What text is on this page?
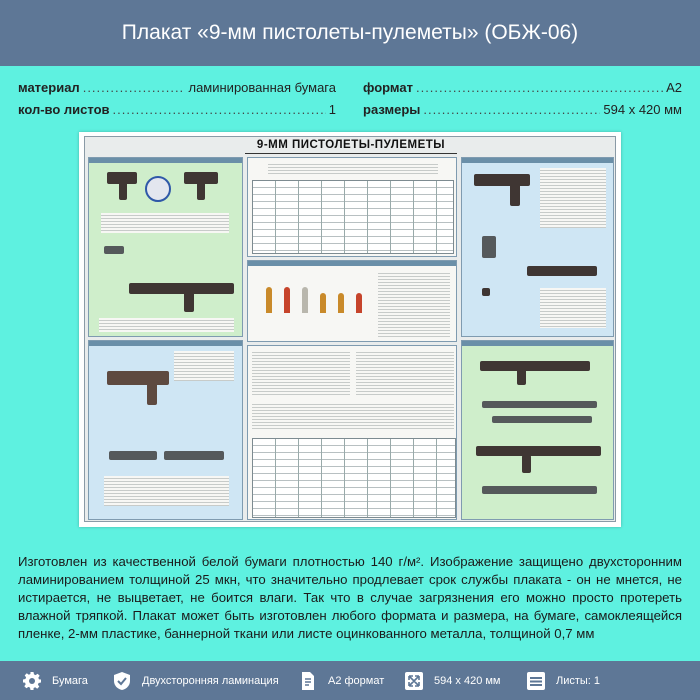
Плакат «9-мм пистолеты-пулеметы» (ОБЖ-06)
материал .....	ламинированная бумага
кол-во листов .....	1
формат .....	А2
размеры .....	594 х 420 мм
9-ММ ПИСТОЛЕТЫ-ПУЛЕМЕТЫ
Изготовлен из качественной белой бумаги плотностью 140 г/м². Изображение защищено двухсторонним ламинированием толщиной 25 мкн, что значительно продлевает срок службы плаката - он не мнется, не истирается, не выцветает, не боится влаги. Так что в случае загрязнения его можно просто протереть влажной тряпкой. Плакат может быть изготовлен любого формата и размера, на бумаге, самоклеящейся пленке, 2-мм пластике, баннерной ткани или листе оцинкованного металла, толщиной 0,7 мм
Бумага	Двухсторонняя ламинация	А2 формат	594 х 420 мм	Листы: 1
